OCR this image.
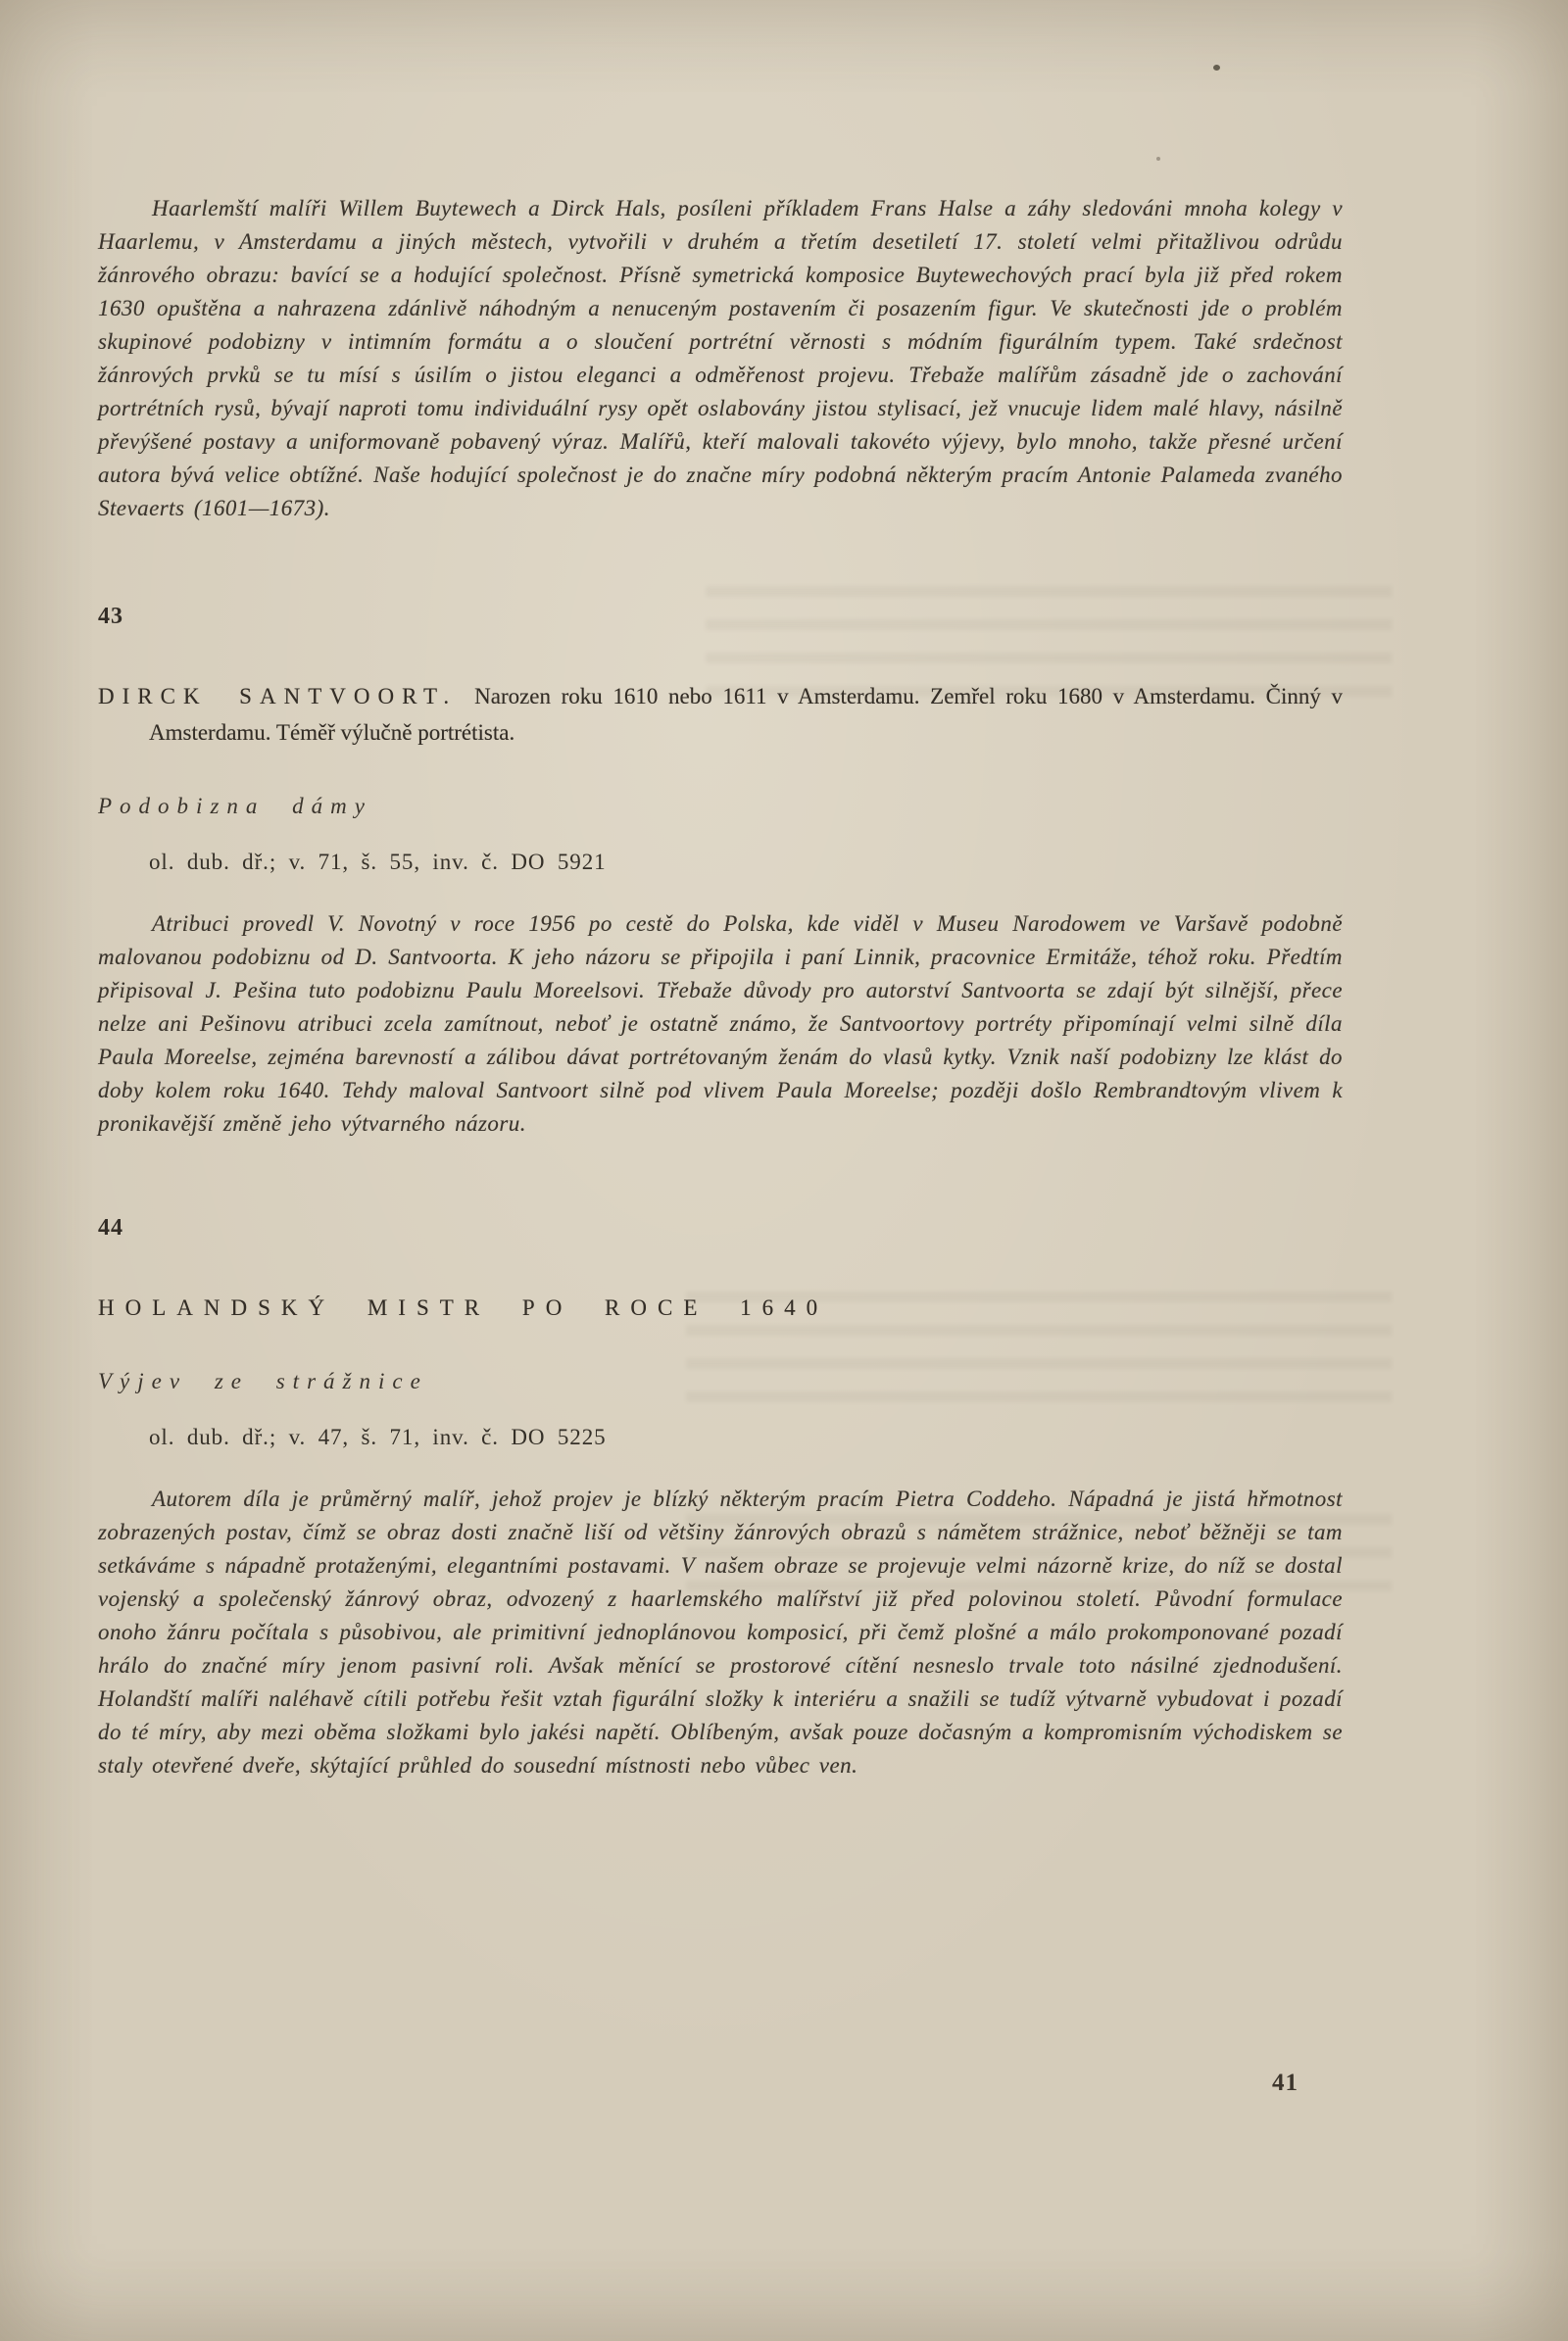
Haarlemští malíři Willem Buytewech a Dirck Hals, posíleni příkladem Frans Halse a záhy sledováni mnoha kolegy v Haarlemu, v Amsterdamu a jiných městech, vytvořili v druhém a třetím desetiletí 17. století velmi přitažlivou odrůdu žánrového obrazu: bavící se a hodující společnost. Přísně symetrická komposice Buytewechových prací byla již před rokem 1630 opuštěna a nahrazena zdánlivě náhodným a nenuceným postavením či posazením figur. Ve skutečnosti jde o problém skupinové podobizny v intimním formátu a o sloučení portrétní věrnosti s módním figurálním typem. Také srdečnost žánrových prvků se tu mísí s úsilím o jistou eleganci a odměřenost projevu. Třebaže malířům zásadně jde o zachování portrétních rysů, bývají naproti tomu individuální rysy opět oslabovány jistou stylisací, jež vnucuje lidem malé hlavy, násilně převýšené postavy a uniformovaně pobavený výraz. Malířů, kteří malovali takovéto výjevy, bylo mnoho, takže přesné určení autora bývá velice obtížné. Naše hodující společnost je do značne míry podobná některým pracím Antonie Palameda zvaného Stevaerts (1601—1673).

43

DIRCK SANTVOORT. Narozen roku 1610 nebo 1611 v Amsterdamu. Zemřel roku 1680 v Amsterdamu. Činný v Amsterdamu. Téměř výlučně portrétista.

Podobizna dámy

ol. dub. dř.; v. 71, š. 55, inv. č. DO 5921

Atribuci provedl V. Novotný v roce 1956 po cestě do Polska, kde viděl v Museu Narodowem ve Varšavě podobně malovanou podobiznu od D. Santvoorta. K jeho názoru se připojila i paní Linnik, pracovnice Ermitáže, téhož roku. Předtím připisoval J. Pešina tuto podobiznu Paulu Moreelsovi. Třebaže důvody pro autorství Santvoorta se zdají být silnější, přece nelze ani Pešinovu atribuci zcela zamítnout, neboť je ostatně známo, že Santvoortovy portréty připomínají velmi silně díla Paula Moreelse, zejména barevností a zálibou dávat portrétovaným ženám do vlasů kytky. Vznik naší podobizny lze klást do doby kolem roku 1640. Tehdy maloval Santvoort silně pod vlivem Paula Moreelse; později došlo Rembrandtovým vlivem k pronikavější změně jeho výtvarného názoru.

44

HOLANDSKÝ MISTR PO ROCE 1640

Výjev ze strážnice

ol. dub. dř.; v. 47, š. 71, inv. č. DO 5225

Autorem díla je průměrný malíř, jehož projev je blízký některým pracím Pietra Coddeho. Nápadná je jistá hřmotnost zobrazených postav, čímž se obraz dosti značně liší od většiny žánrových obrazů s námětem strážnice, neboť běžněji se tam setkáváme s nápadně protaženými, elegantními postavami. V našem obraze se projevuje velmi názorně krize, do níž se dostal vojenský a společenský žánrový obraz, odvozený z haarlemského malířství již před polovinou století. Původní formulace onoho žánru počítala s působivou, ale primitivní jednoplánovou komposicí, při čemž plošné a málo prokomponované pozadí hrálo do značné míry jenom pasivní roli. Avšak měnící se prostorové cítění nesneslo trvale toto násilné zjednodušení. Holandští malíři naléhavě cítili potřebu řešit vztah figurální složky k interiéru a snažili se tudíž výtvarně vybudovat i pozadí do té míry, aby mezi oběma složkami bylo jakési napětí. Oblíbeným, avšak pouze dočasným a kompromisním východiskem se staly otevřené dveře, skýtající průhled do sousední místnosti nebo vůbec ven.

41
